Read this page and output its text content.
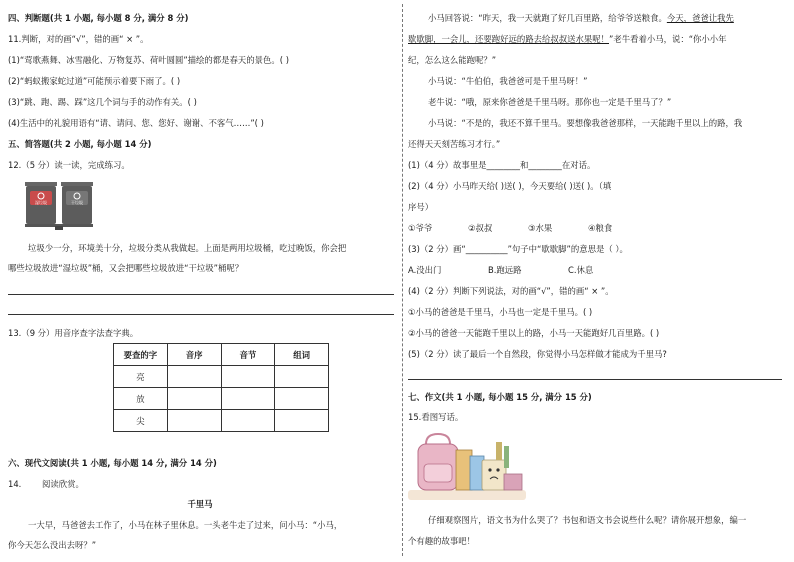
四、判断题(共 1 小题, 每小题 8 分, 满分 8 分)
11.判断，对的画“√”，错的画“ × ”。
(1)“莺歌燕舞、冰雪融化、万物复苏、荷叶圆圆”描绘的都是春天的景色。( )
(2)“蚂蚁搬家蛇过道”可能预示着要下雨了。( )
(3)“跳、跑、踢、踩”这几个词与手的动作有关。( )
(4)生活中的礼貌用语有“请、请问、您、您好、谢谢、不客气……”( )
五、简答题(共 2 小题, 每小题 14 分)
12.（5 分）读一读，完成练习。
湿垃圾	干垃圾
垃圾少一分，环境美十分，垃圾分类从我做起。上面是两用垃圾桶，吃过晚饭，你会把
哪些垃圾放进“湿垃圾”桶，又会把哪些垃圾放进“干垃圾”桶呢？
13.（9 分）用音序查字法查字典。
要查的字	音序	音节	组词
亮			
放			
尖			
六、现代文阅读(共 1 小题, 每小题 14 分, 满分 14 分)
14. 阅读欣赏。
千里马
一大早，马爸爸去工作了，小马在林子里休息。一头老牛走了过来，问小马：“小马，
你今天怎么没出去呀？”
小马回答说：“昨天，我一天就跑了好几百里路，给爷爷送粮食。今天，爸爸让我先
歇歇脚，一会儿，还要跑好远的路去给叔叔送水果呢！”老牛看着小马，说：“你小小年
纪，怎么这么能跑呢？”
小马说：“牛伯伯，我爸爸可是千里马呀！”
老牛说：“哦，原来你爸爸是千里马呀。那你也一定是千里马了？”
小马说：“不是的，我还不算千里马。要想像我爸爸那样，一天能跑千里以上的路，我
还得天天刻苦练习才行。”
(1)（4 分）故事里是________和________在对话。
(2)（4 分）小马昨天给( )送( )，今天要给( )送( )。（填
序号）
①爷爷	②叔叔	③水果	④粮食
(3)（2 分）画“__________”句子中“歇歇脚”的意思是（ ）。
A.没出门	B.跑远路	C.休息
(4)（2 分）判断下列说法，对的画“√”，错的画“ × ”。
①小马的爸爸是千里马，小马也一定是千里马。( )
②小马的爸爸一天能跑千里以上的路，小马一天能跑好几百里路。( )
(5)（2 分）读了最后一个自然段，你觉得小马怎样做才能成为千里马?
七、作文(共 1 小题, 每小题 15 分, 满分 15 分)
15.看图写话。
仔细观察图片，语文书为什么哭了？书包和语文书会说些什么呢？请你展开想象，编一
个有趣的故事吧！
